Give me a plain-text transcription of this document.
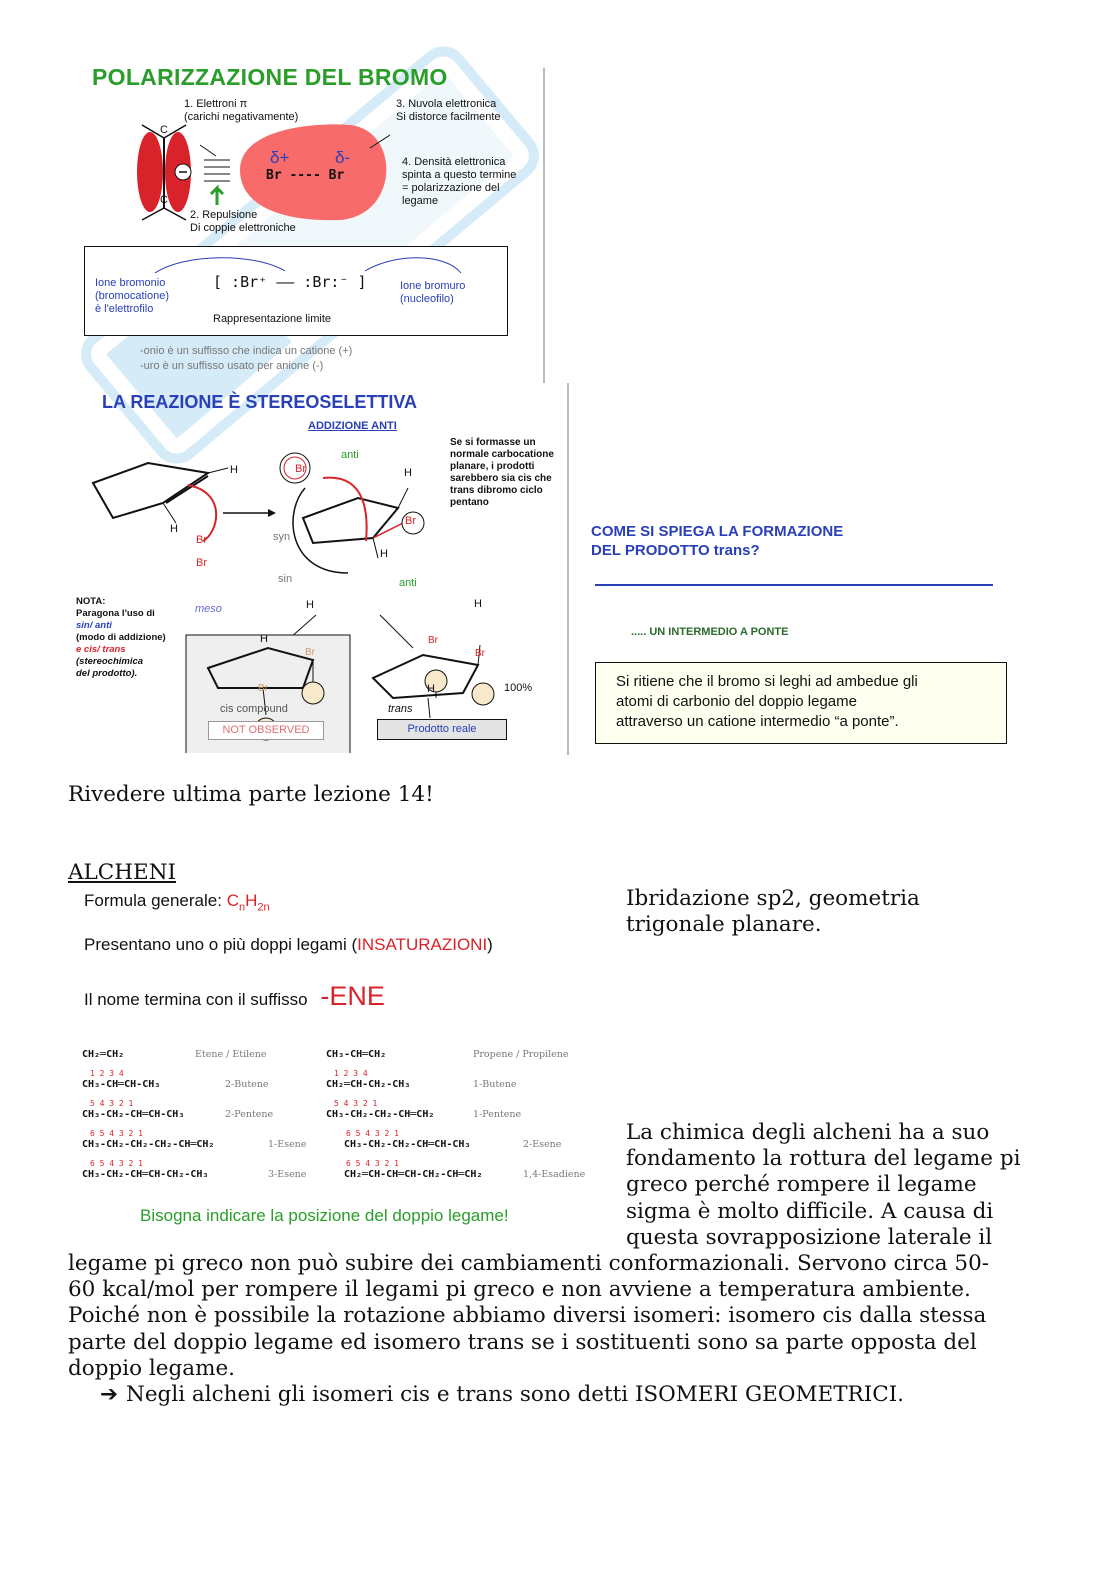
POLARIZZAZIONE DEL BROMO
1. Elettroni π
(carichi negativamente)
3. Nuvola elettronica
Si distorce facilmente
δ+	δ-
Br ---- Br
C
C
4. Densità elettronica
spinta a questo termine
= polarizzazione del
legame
2. Repulsione
Di coppie elettroniche
Ione bromonio
(bromocatione)
è l'elettrofilo
[ :Br⁺ —— :Br:⁻ ]	Ione bromuro
(nucleofilo)
Rappresentazione limite
-onio è un suffisso che indica un catione (+)
-uro è un suffisso usato per anione (-)
LA REAZIONE È STEREOSELETTIVA
ADDIZIONE ANTI
Se si formasse un
normale carbocatione
planare, i prodotti
sarebbero sia cis che
trans dibromo ciclo
pentano
Br
anti
H
H
Br
Br
H
Br
H
syn
sin	anti
NOTA:
Paragona l'uso di
sin/ anti
(modo di addizione)
e cis/ trans
(stereochimica
del prodotto).
meso	H
H
Br
Br
cis compound
NOT OBSERVED
H
Br
Br
H	100%
trans
Prodotto reale
COME SI SPIEGA LA FORMAZIONE
DEL PRODOTTO trans?
..... UN INTERMEDIO A PONTE
Si ritiene che il bromo si leghi ad ambedue gli
atomi di carbonio del doppio legame
attraverso un catione intermedio “a ponte”.
Rivedere ultima parte lezione 14!
ALCHENI
Formula generale: $C_nH_{2n}$
Presentano uno o più doppi legami (INSATURAZIONI)
Il nome termina con il suffisso -ENE
CH₂═CH₂	Etene / Etilene
1 2 3 4
CH₃-CH═CH-CH₃	2-Butene
5 4 3 2 1
CH₃-CH₂-CH═CH-CH₃	2-Pentene
6 5 4 3 2 1
CH₃-CH₂-CH₂-CH₂-CH═CH₂	1-Esene
6 5 4 3 2 1
CH₃-CH₂-CH═CH-CH₂-CH₃	3-Esene
CH₃-CH═CH₂	Propene / Propilene
1 2 3 4
CH₂═CH-CH₂-CH₃	1-Butene
5 4 3 2 1
CH₃-CH₂-CH₂-CH═CH₂	1-Pentene
6 5 4 3 2 1
CH₃-CH₂-CH₂-CH═CH-CH₃	2-Esene
6 5 4 3 2 1
CH₂═CH-CH═CH-CH₂-CH═CH₂	1,4-Esadiene
Bisogna indicare la posizione del doppio legame!
Ibridazione sp2, geometria
trigonale planare.
La chimica degli alcheni ha a suo
fondamento la rottura del legame pi
greco perché rompere il legame
sigma è molto difficile. A causa di
questa sovrapposizione laterale il
legame pi greco non può subire dei cambiamenti conformazionali. Servono circa 50-
60 kcal/mol per rompere il legami pi greco e non avviene a temperatura ambiente.
Poiché non è possibile la rotazione abbiamo diversi isomeri: isomero cis dalla stessa
parte del doppio legame ed isomero trans se i sostituenti sono sa parte opposta del
doppio legame.
➔ Negli alcheni gli isomeri cis e trans sono detti ISOMERI GEOMETRICI.
